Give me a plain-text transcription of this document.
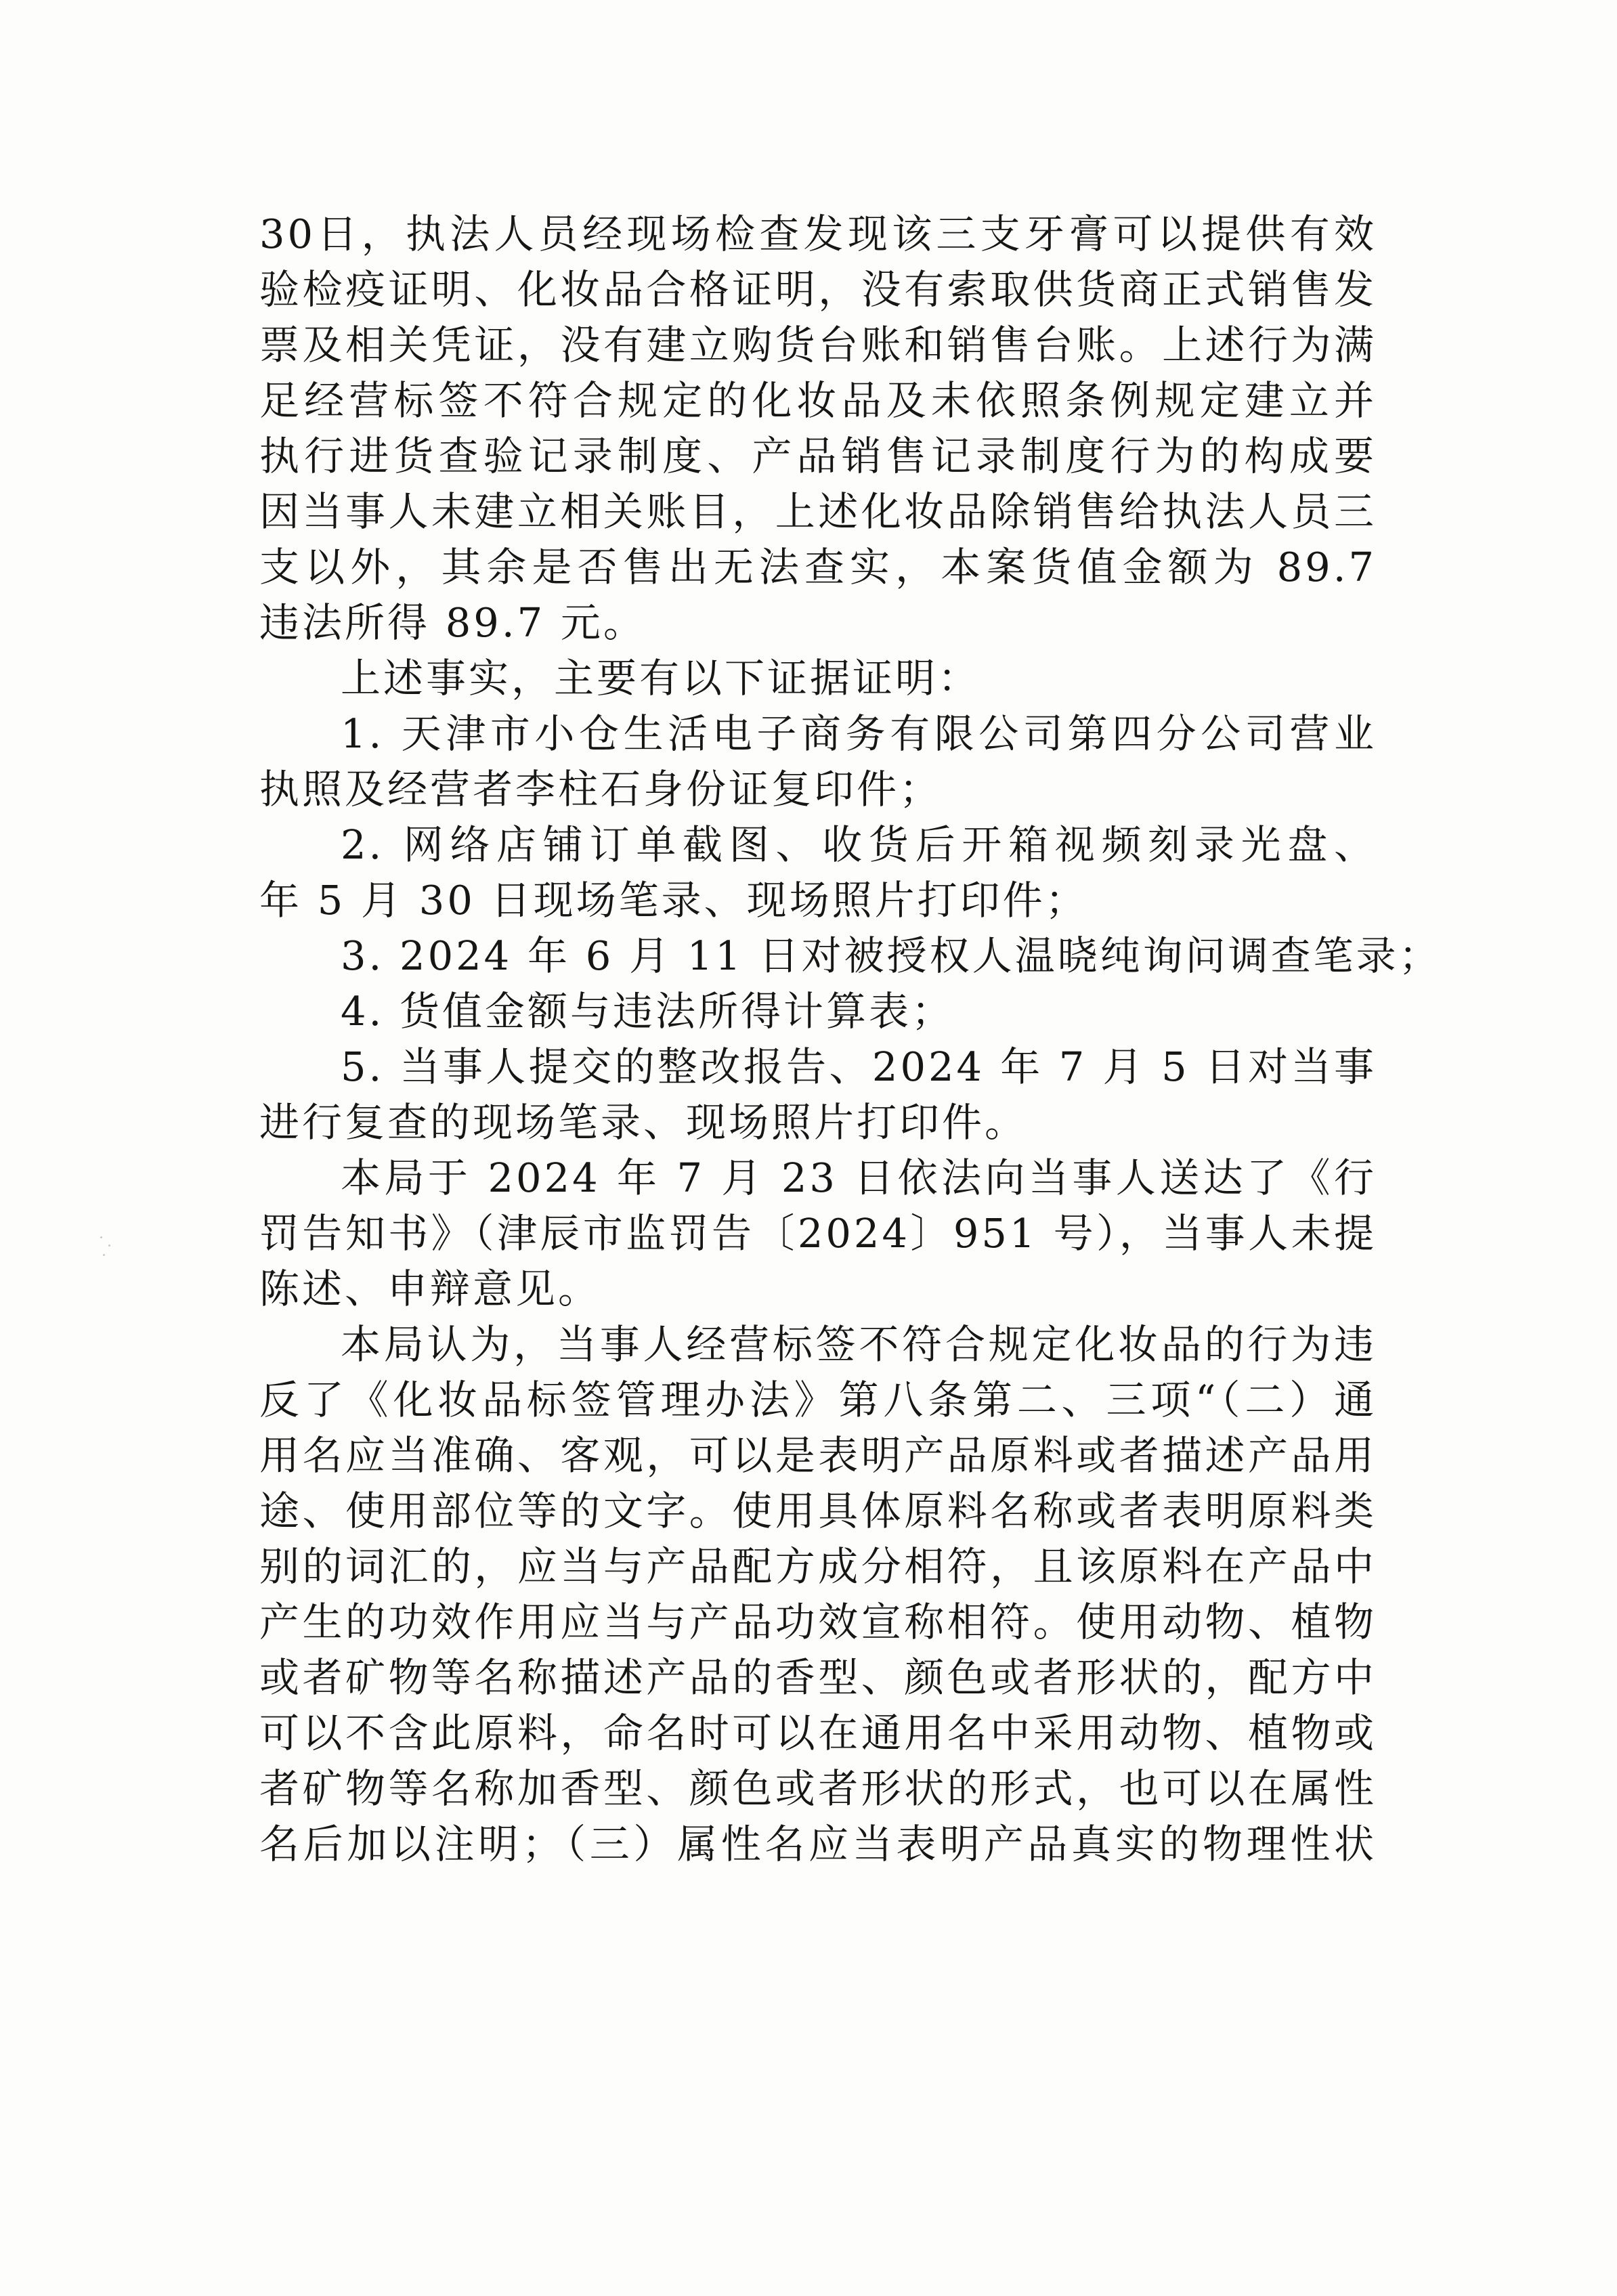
30日，执法人员经现场检查发现该三支牙膏可以提供有效
验检疫证明、化妆品合格证明，没有索取供货商正式销售发
票及相关凭证，没有建立购货台账和销售台账。上述行为满
足经营标签不符合规定的化妆品及未依照条例规定建立并
执行进货查验记录制度、产品销售记录制度行为的构成要
因当事人未建立相关账目，上述化妆品除销售给执法人员三
支以外，其余是否售出无法查实，本案货值金额为 89.7
违法所得 89.7 元。
上述事实，主要有以下证据证明：
1. 天津市小仓生活电子商务有限公司第四分公司营业
执照及经营者李柱石身份证复印件；
2. 网络店铺订单截图、收货后开箱视频刻录光盘、
年 5 月 30 日现场笔录、现场照片打印件；
3. 2024 年 6 月 11 日对被授权人温晓纯询问调查笔录；
4. 货值金额与违法所得计算表；
5. 当事人提交的整改报告、2024 年 7 月 5 日对当事
进行复查的现场笔录、现场照片打印件。
本局于 2024 年 7 月 23 日依法向当事人送达了《行
罚告知书》（津辰市监罚告〔2024〕951 号），当事人未提
陈述、申辩意见。
本局认为，当事人经营标签不符合规定化妆品的行为违
反了《化妆品标签管理办法》第八条第二、三项“（二）通
用名应当准确、客观，可以是表明产品原料或者描述产品用
途、使用部位等的文字。使用具体原料名称或者表明原料类
别的词汇的，应当与产品配方成分相符，且该原料在产品中
产生的功效作用应当与产品功效宣称相符。使用动物、植物
或者矿物等名称描述产品的香型、颜色或者形状的，配方中
可以不含此原料，命名时可以在通用名中采用动物、植物或
者矿物等名称加香型、颜色或者形状的形式，也可以在属性
名后加以注明；（三）属性名应当表明产品真实的物理性状
